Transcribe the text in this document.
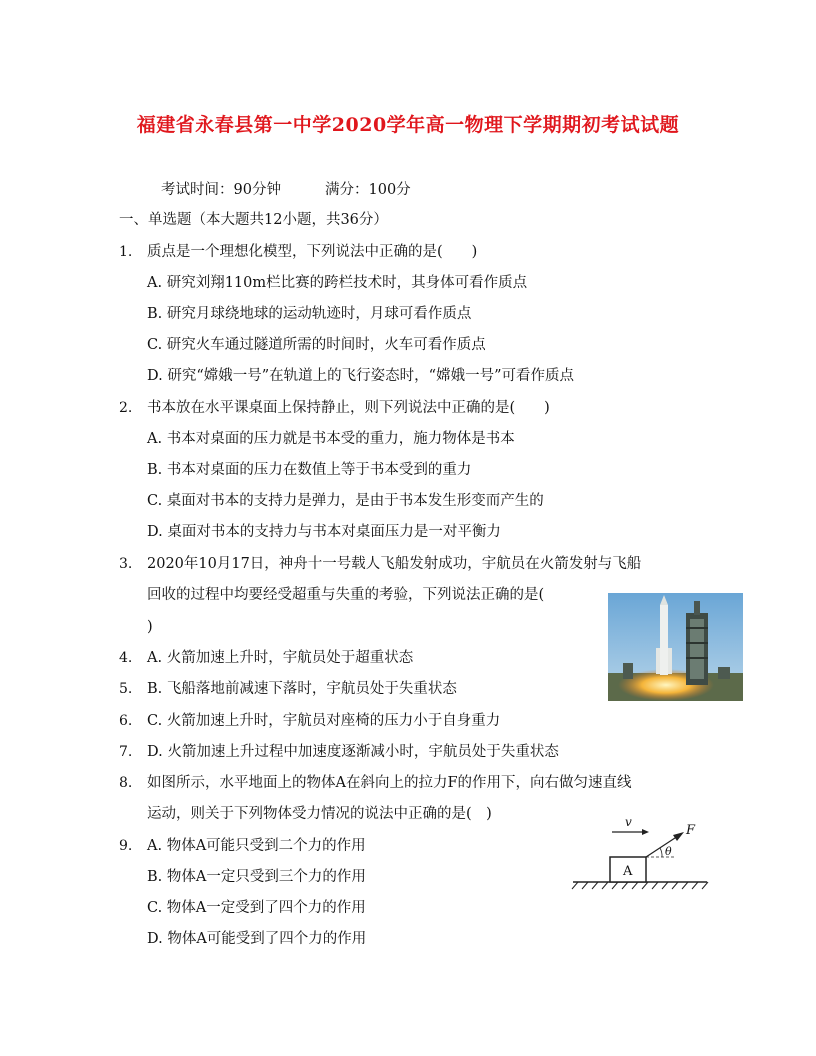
福建省永春县第一中学2020学年高一物理下学期期初考试试题
考试时间：90分钟	满分：100分
一、单选题（本大题共12小题，共36分）
1. 质点是一个理想化模型，下列说法中正确的是(　　)
A. 研究刘翔110m栏比赛的跨栏技术时，其身体可看作质点
B. 研究月球绕地球的运动轨迹时，月球可看作质点
C. 研究火车通过隧道所需的时间时，火车可看作质点
D. 研究“嫦娥一号”在轨道上的飞行姿态时，“嫦娥一号”可看作质点
2. 书本放在水平课桌面上保持静止，则下列说法中正确的是(　　)
A. 书本对桌面的压力就是书本受的重力，施力物体是书本
B. 书本对桌面的压力在数值上等于书本受到的重力
C. 桌面对书本的支持力是弹力，是由于书本发生形变而产生的
D. 桌面对书本的支持力与书本对桌面压力是一对平衡力
3. 2020年10月17日，神舟十一号载人飞船发射成功，宇航员在火箭发射与飞船
回收的过程中均要经受超重与失重的考验，下列说法正确的是(
)
4. A. 火箭加速上升时，宇航员处于超重状态
5. B. 飞船落地前减速下落时，宇航员处于失重状态
6. C. 火箭加速上升时，宇航员对座椅的压力小于自身重力
7. D. 火箭加速上升过程中加速度逐渐减小时，宇航员处于失重状态
8. 如图所示，水平地面上的物体A在斜向上的拉力F的作用下，向右做匀速直线
运动，则关于下列物体受力情况的说法中正确的是(　)
9. A. 物体A可能只受到二个力的作用
B. 物体A一定只受到三个力的作用
C. 物体A一定受到了四个力的作用
D. 物体A可能受到了四个力的作用
A
v
F
θ
